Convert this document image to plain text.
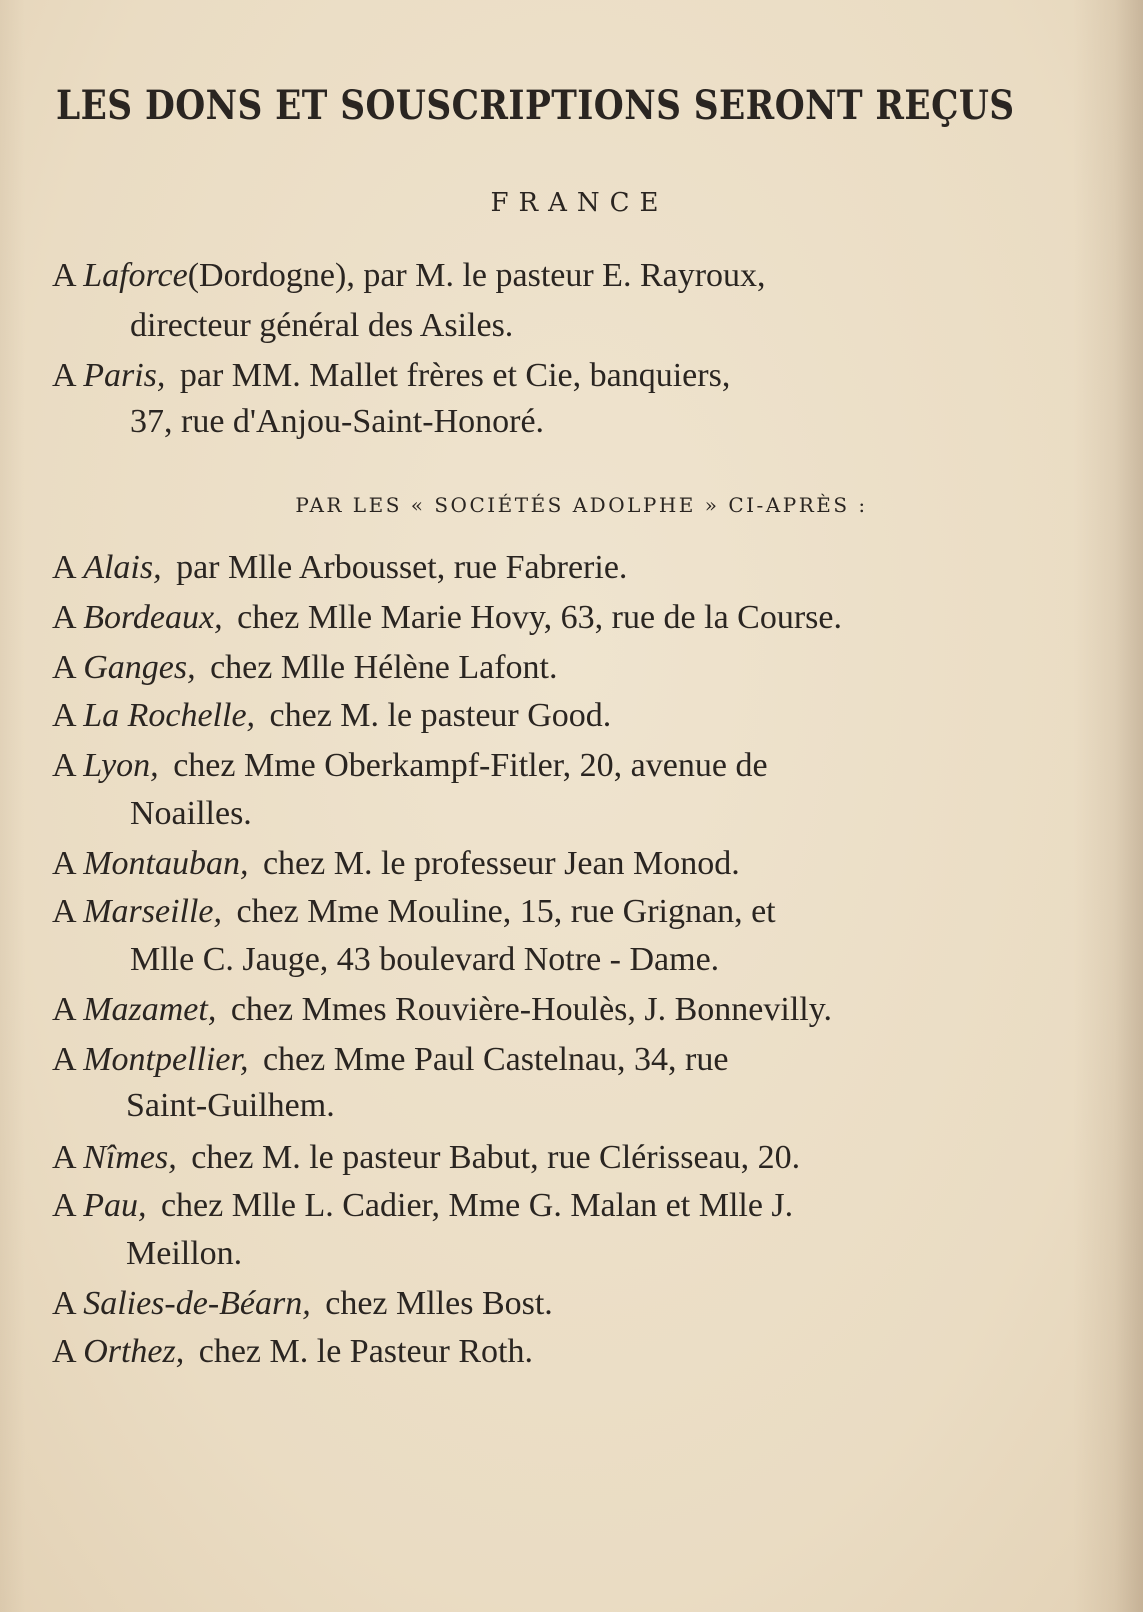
LES DONS ET SOUSCRIPTIONS SERONT REÇUS
FRANCE
A Laforce(Dordogne), par M. le pasteur E. Rayroux,
directeur général des Asiles.
A Paris, par MM. Mallet frères et Cie, banquiers,
37, rue d'Anjou-Saint-Honoré.
PAR LES « SOCIÉTÉS ADOLPHE » CI-APRÈS :
A Alais, par Mlle Arbousset, rue Fabrerie.
A Bordeaux, chez Mlle Marie Hovy, 63, rue de la Course.
A Ganges, chez Mlle Hélène Lafont.
A La Rochelle, chez M. le pasteur Good.
A Lyon, chez Mme Oberkampf-Fitler, 20, avenue de
Noailles.
A Montauban, chez M. le professeur Jean Monod.
A Marseille, chez Mme Mouline, 15, rue Grignan, et
Mlle C. Jauge, 43 boulevard Notre - Dame.
A Mazamet, chez Mmes Rouvière-Houlès, J. Bonnevilly.
A Montpellier, chez Mme Paul Castelnau, 34, rue
Saint-Guilhem.
A Nîmes, chez M. le pasteur Babut, rue Clérisseau, 20.
A Pau, chez Mlle L. Cadier, Mme G. Malan et Mlle J.
Meillon.
A Salies-de-Béarn, chez Mlles Bost.
A Orthez, chez M. le Pasteur Roth.
